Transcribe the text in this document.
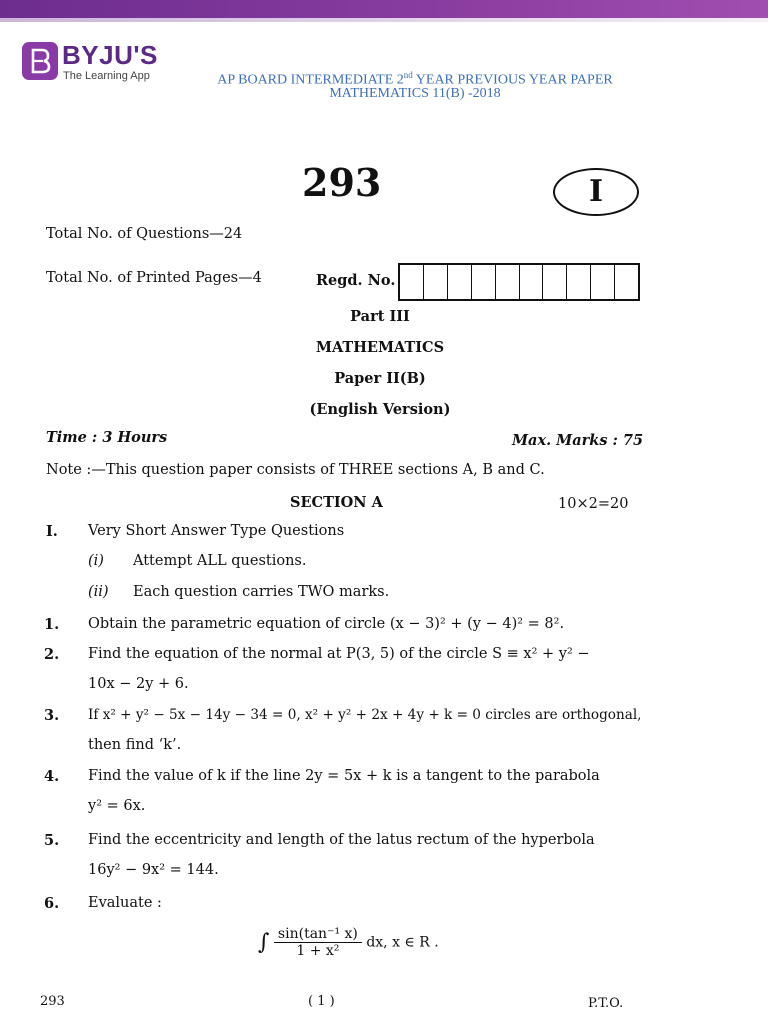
BYJU'S
The Learning App	AP BOARD INTERMEDIATE 2nd YEAR PREVIOUS YEAR PAPER
MATHEMATICS 11(B) -2018
293	I
Total No. of Questions—24
Total No. of Printed Pages—4	Regd. No.
Part III
MATHEMATICS
Paper II(B)
(English Version)
Time : 3 Hours	Max. Marks : 75
Note :—This question paper consists of THREE sections A, B and C.
SECTION A	10×2=20
I. Very Short Answer Type Questions
(i) Attempt ALL questions.
(ii) Each question carries TWO marks.
1. Obtain the parametric equation of circle (x − 3)² + (y − 4)² = 8².
2. Find the equation of the normal at P(3, 5) of the circle S ≡ x² + y² −
10x − 2y + 6.
3. If x² + y² − 5x − 14y − 34 = 0, x² + y² + 2x + 4y + k = 0 circles are orthogonal,
then find ‘k’.
4. Find the value of k if the line 2y = 5x + k is a tangent to the parabola
y² = 6x.
5. Find the eccentricity and length of the latus rectum of the hyperbola
16y² − 9x² = 144.
6. Evaluate :
∫ $\frac{\text{sin(tan⁻¹ x)}}{\text{1 + x²}}$ dx, x ∈ R .
293	( 1 )	P.T.O.
